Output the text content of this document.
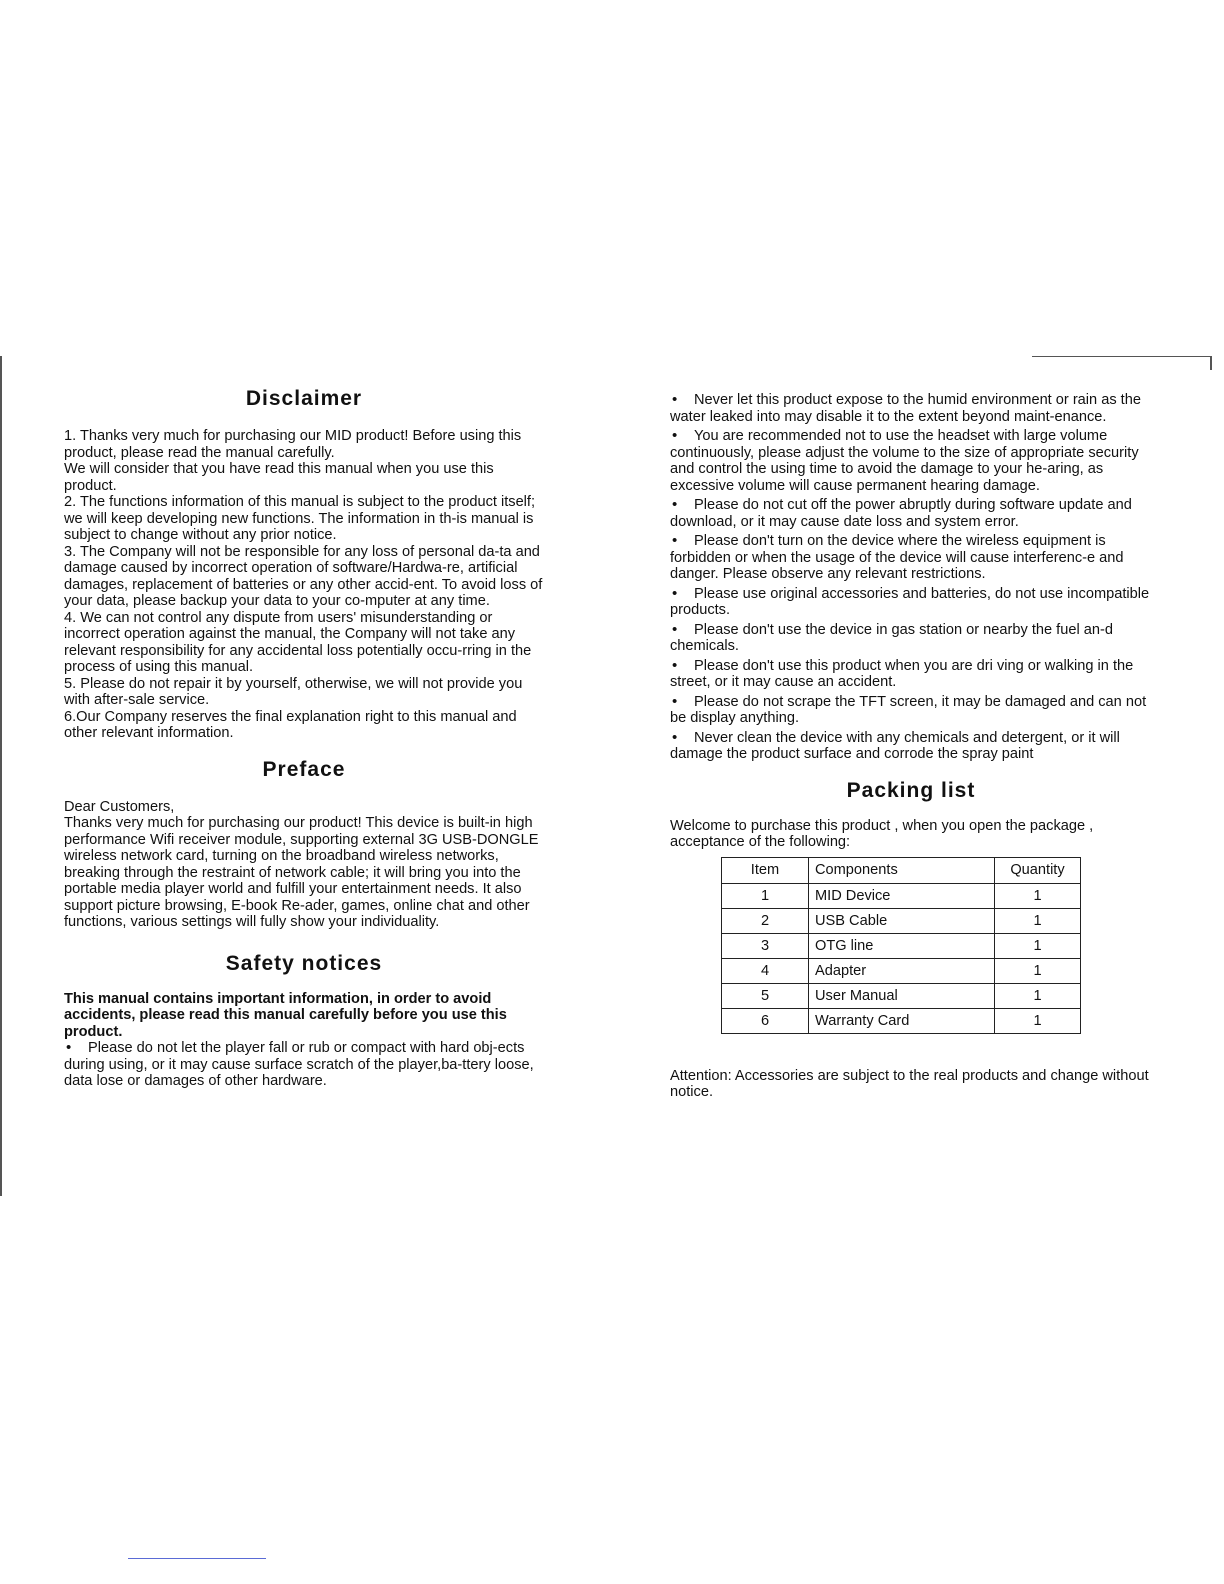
Disclaimer

1. Thanks very much for purchasing our MID product! Before using this product, please read the manual carefully.

We will consider that you have read this manual when you use this product.

2. The functions information of this manual is subject to the product itself; we will keep developing new functions. The information in th-is manual is subject to change without any prior notice.

3. The Company will not be responsible for any loss of personal da-ta and damage caused by incorrect operation of software/Hardwa-re, artificial damages, replacement of batteries or any other accid-ent. To avoid loss of your data, please backup your data to your co-mputer at any time.

4. We can not control any dispute from users' misunderstanding or incorrect operation against the manual, the Company will not take any relevant responsibility for any accidental loss potentially occu-rring in the process of using this manual.

5. Please do not repair it by yourself, otherwise, we will not provide you with after-sale service.

6.Our Company reserves the final explanation right to this manual and other relevant information.

Preface

Dear Customers,

Thanks very much for purchasing our product! This device is built-in high performance Wifi receiver module, supporting external 3G USB-DONGLE wireless network card, turning on the broadband wireless networks, breaking through the restraint of network cable; it will bring you into the portable media player world and fulfill your entertainment needs. It also support picture browsing, E-book Re-ader, games, online chat and other functions, various settings will fully show your individuality.

Safety notices

This manual contains important information, in order to avoid accidents, please read this manual carefully before you use this product.

• Please do not let the player fall or rub or compact with hard obj-ects during using, or it may cause surface scratch of the player,ba-ttery loose, data lose or damages of other hardware.

• Never let this product expose to the humid environment or rain as the water leaked into may disable it to the extent beyond maint-enance.

• You are recommended not to use the headset with large volume continuously, please adjust the volume to the size of appropriate security and control the using time to avoid the damage to your he-aring, as excessive volume will cause permanent hearing damage.

• Please do not cut off the power abruptly during software update and download, or it may cause date loss and system error.

• Please don't turn on the device where the wireless equipment is forbidden or when the usage of the device will cause interferenc-e and danger. Please observe any relevant restrictions.

• Please use original accessories and batteries, do not use incompatible products.

• Please don't use the device in gas station or nearby the fuel an-d chemicals.

• Please don't use this product when you are dri ving or walking in the street, or it may cause an accident.

• Please do not scrape the TFT screen, it may be damaged and can not be display anything.

• Never clean the device with any chemicals and detergent, or it will damage the product surface and corrode the spray paint

Packing list

Welcome to purchase this product , when you open the package , acceptance of the following:

Item	Components	Quantity
1	MID Device	1
2	USB Cable	1
3	OTG line	1
4	Adapter	1
5	User Manual	1
6	Warranty Card	1

Attention: Accessories are subject to the real products and change without notice.
